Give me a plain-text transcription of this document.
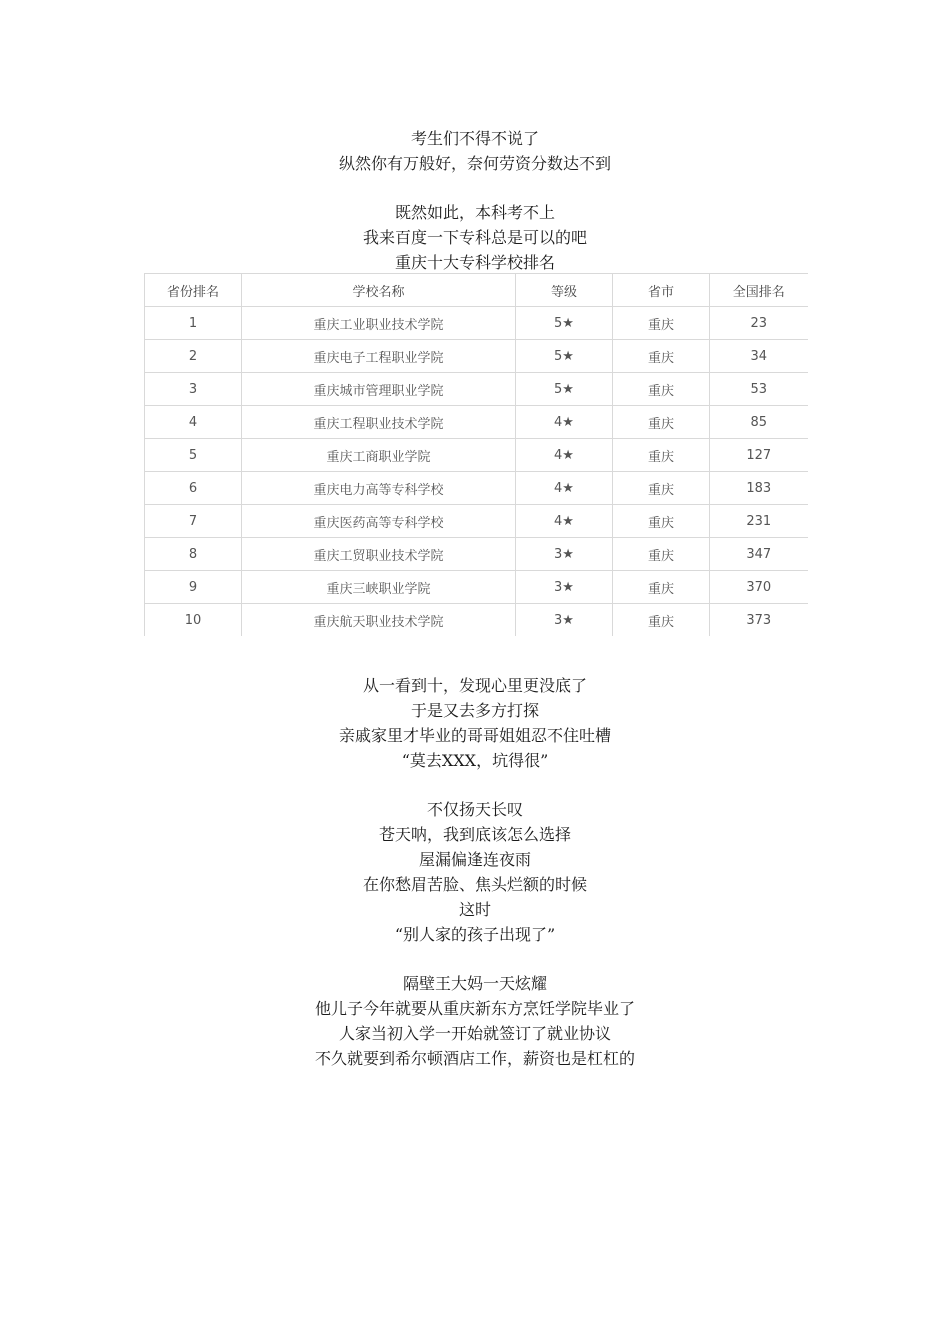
考生们不得不说了
纵然你有万般好，奈何劳资分数达不到
既然如此，本科考不上
我来百度一下专科总是可以的吧
重庆十大专科学校排名
省份排名	学校名称	等级	省市	全国排名
1	重庆工业职业技术学院	5★	重庆	23
2	重庆电子工程职业学院	5★	重庆	34
3	重庆城市管理职业学院	5★	重庆	53
4	重庆工程职业技术学院	4★	重庆	85
5	重庆工商职业学院	4★	重庆	127
6	重庆电力高等专科学校	4★	重庆	183
7	重庆医药高等专科学校	4★	重庆	231
8	重庆工贸职业技术学院	3★	重庆	347
9	重庆三峡职业学院	3★	重庆	370
10	重庆航天职业技术学院	3★	重庆	373
从一看到十，发现心里更没底了
于是又去多方打探
亲戚家里才毕业的哥哥姐姐忍不住吐槽
“莫去XXX，坑得很”
不仅扬天长叹
苍天呐，我到底该怎么选择
屋漏偏逢连夜雨
在你愁眉苦脸、焦头烂额的时候
这时
“别人家的孩子出现了”
隔壁王大妈一天炫耀
他儿子今年就要从重庆新东方烹饪学院毕业了
人家当初入学一开始就签订了就业协议
不久就要到希尔顿酒店工作，薪资也是杠杠的
